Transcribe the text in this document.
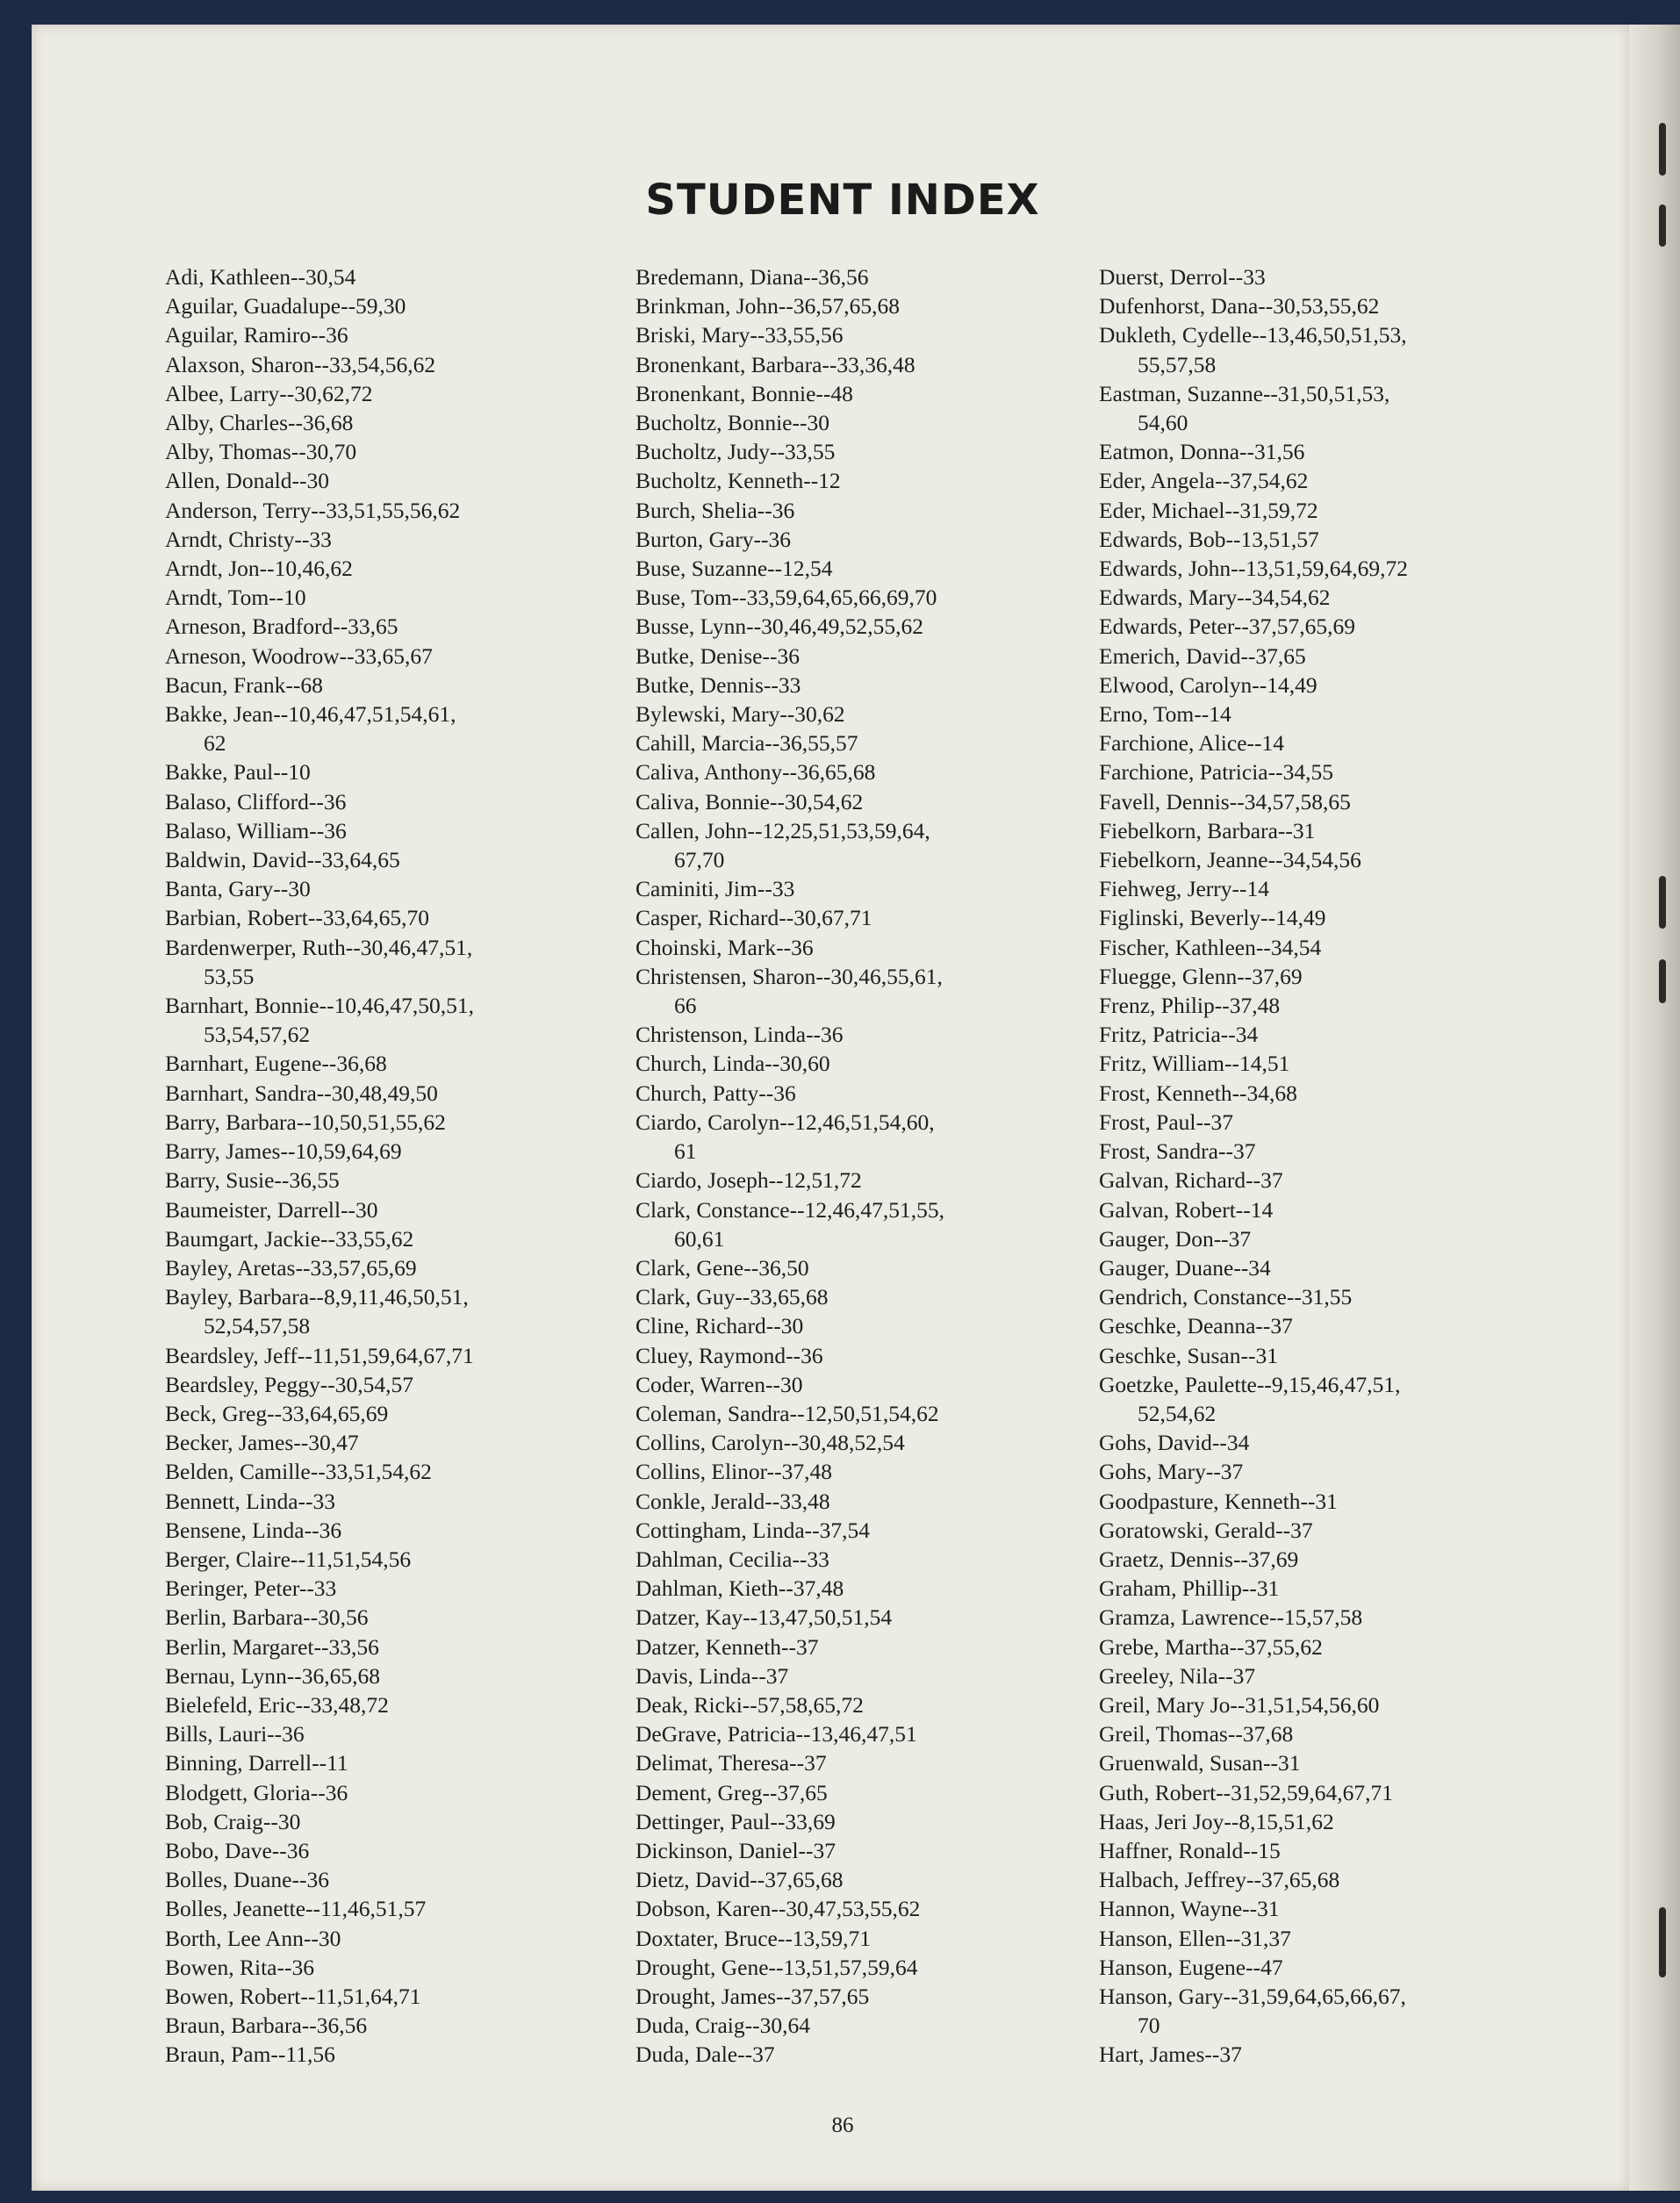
STUDENT INDEX
Adi, Kathleen--30,54
Aguilar, Guadalupe--59,30
Aguilar, Ramiro--36
Alaxson, Sharon--33,54,56,62
Albee, Larry--30,62,72
Alby, Charles--36,68
Alby, Thomas--30,70
Allen, Donald--30
Anderson, Terry--33,51,55,56,62
Arndt, Christy--33
Arndt, Jon--10,46,62
Arndt, Tom--10
Arneson, Bradford--33,65
Arneson, Woodrow--33,65,67
Bacun, Frank--68
Bakke, Jean--10,46,47,51,54,61,
62
Bakke, Paul--10
Balaso, Clifford--36
Balaso, William--36
Baldwin, David--33,64,65
Banta, Gary--30
Barbian, Robert--33,64,65,70
Bardenwerper, Ruth--30,46,47,51,
53,55
Barnhart, Bonnie--10,46,47,50,51,
53,54,57,62
Barnhart, Eugene--36,68
Barnhart, Sandra--30,48,49,50
Barry, Barbara--10,50,51,55,62
Barry, James--10,59,64,69
Barry, Susie--36,55
Baumeister, Darrell--30
Baumgart, Jackie--33,55,62
Bayley, Aretas--33,57,65,69
Bayley, Barbara--8,9,11,46,50,51,
52,54,57,58
Beardsley, Jeff--11,51,59,64,67,71
Beardsley, Peggy--30,54,57
Beck, Greg--33,64,65,69
Becker, James--30,47
Belden, Camille--33,51,54,62
Bennett, Linda--33
Bensene, Linda--36
Berger, Claire--11,51,54,56
Beringer, Peter--33
Berlin, Barbara--30,56
Berlin, Margaret--33,56
Bernau, Lynn--36,65,68
Bielefeld, Eric--33,48,72
Bills, Lauri--36
Binning, Darrell--11
Blodgett, Gloria--36
Bob, Craig--30
Bobo, Dave--36
Bolles, Duane--36
Bolles, Jeanette--11,46,51,57
Borth, Lee Ann--30
Bowen, Rita--36
Bowen, Robert--11,51,64,71
Braun, Barbara--36,56
Braun, Pam--11,56
Bredemann, Diana--36,56
Brinkman, John--36,57,65,68
Briski, Mary--33,55,56
Bronenkant, Barbara--33,36,48
Bronenkant, Bonnie--48
Bucholtz, Bonnie--30
Bucholtz, Judy--33,55
Bucholtz, Kenneth--12
Burch, Shelia--36
Burton, Gary--36
Buse, Suzanne--12,54
Buse, Tom--33,59,64,65,66,69,70
Busse, Lynn--30,46,49,52,55,62
Butke, Denise--36
Butke, Dennis--33
Bylewski, Mary--30,62
Cahill, Marcia--36,55,57
Caliva, Anthony--36,65,68
Caliva, Bonnie--30,54,62
Callen, John--12,25,51,53,59,64,
67,70
Caminiti, Jim--33
Casper, Richard--30,67,71
Choinski, Mark--36
Christensen, Sharon--30,46,55,61,
66
Christenson, Linda--36
Church, Linda--30,60
Church, Patty--36
Ciardo, Carolyn--12,46,51,54,60,
61
Ciardo, Joseph--12,51,72
Clark, Constance--12,46,47,51,55,
60,61
Clark, Gene--36,50
Clark, Guy--33,65,68
Cline, Richard--30
Cluey, Raymond--36
Coder, Warren--30
Coleman, Sandra--12,50,51,54,62
Collins, Carolyn--30,48,52,54
Collins, Elinor--37,48
Conkle, Jerald--33,48
Cottingham, Linda--37,54
Dahlman, Cecilia--33
Dahlman, Kieth--37,48
Datzer, Kay--13,47,50,51,54
Datzer, Kenneth--37
Davis, Linda--37
Deak, Ricki--57,58,65,72
DeGrave, Patricia--13,46,47,51
Delimat, Theresa--37
Dement, Greg--37,65
Dettinger, Paul--33,69
Dickinson, Daniel--37
Dietz, David--37,65,68
Dobson, Karen--30,47,53,55,62
Doxtater, Bruce--13,59,71
Drought, Gene--13,51,57,59,64
Drought, James--37,57,65
Duda, Craig--30,64
Duda, Dale--37
Duerst, Derrol--33
Dufenhorst, Dana--30,53,55,62
Dukleth, Cydelle--13,46,50,51,53,
55,57,58
Eastman, Suzanne--31,50,51,53,
54,60
Eatmon, Donna--31,56
Eder, Angela--37,54,62
Eder, Michael--31,59,72
Edwards, Bob--13,51,57
Edwards, John--13,51,59,64,69,72
Edwards, Mary--34,54,62
Edwards, Peter--37,57,65,69
Emerich, David--37,65
Elwood, Carolyn--14,49
Erno, Tom--14
Farchione, Alice--14
Farchione, Patricia--34,55
Favell, Dennis--34,57,58,65
Fiebelkorn, Barbara--31
Fiebelkorn, Jeanne--34,54,56
Fiehweg, Jerry--14
Figlinski, Beverly--14,49
Fischer, Kathleen--34,54
Fluegge, Glenn--37,69
Frenz, Philip--37,48
Fritz, Patricia--34
Fritz, William--14,51
Frost, Kenneth--34,68
Frost, Paul--37
Frost, Sandra--37
Galvan, Richard--37
Galvan, Robert--14
Gauger, Don--37
Gauger, Duane--34
Gendrich, Constance--31,55
Geschke, Deanna--37
Geschke, Susan--31
Goetzke, Paulette--9,15,46,47,51,
52,54,62
Gohs, David--34
Gohs, Mary--37
Goodpasture, Kenneth--31
Goratowski, Gerald--37
Graetz, Dennis--37,69
Graham, Phillip--31
Gramza, Lawrence--15,57,58
Grebe, Martha--37,55,62
Greeley, Nila--37
Greil, Mary Jo--31,51,54,56,60
Greil, Thomas--37,68
Gruenwald, Susan--31
Guth, Robert--31,52,59,64,67,71
Haas, Jeri Joy--8,15,51,62
Haffner, Ronald--15
Halbach, Jeffrey--37,65,68
Hannon, Wayne--31
Hanson, Ellen--31,37
Hanson, Eugene--47
Hanson, Gary--31,59,64,65,66,67,
70
Hart, James--37
86
